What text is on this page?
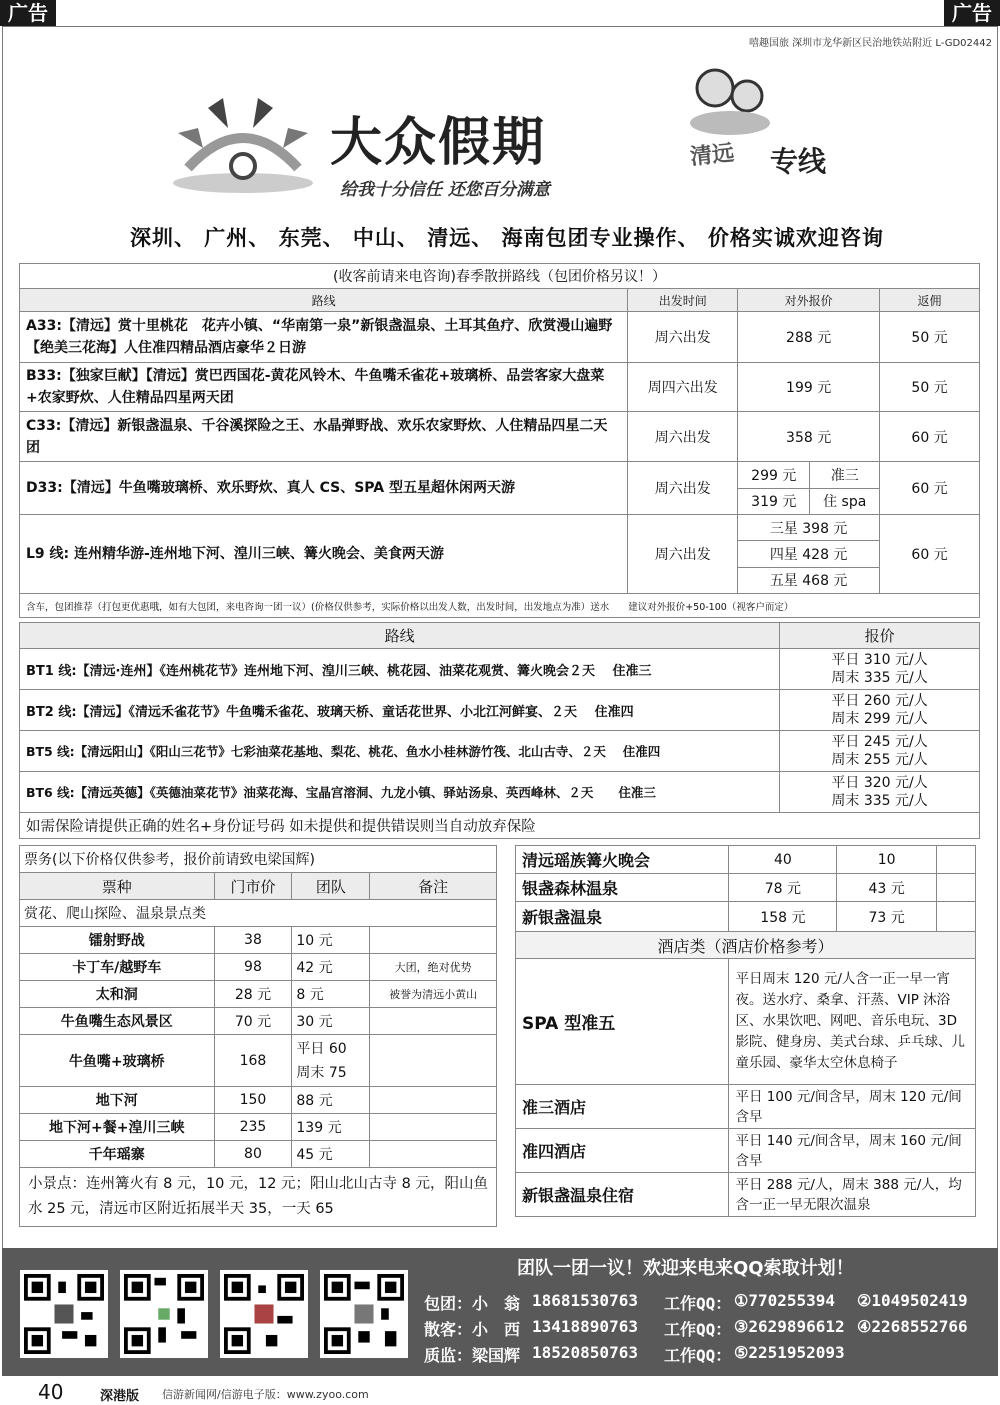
广告	广告
嘻趣国旅 深圳市龙华新区民治地铁站附近 L-GD02442
大众假期	清远 专线
给我十分信任 还您百分满意
深圳、 广州、 东莞、 中山、 清远、 海南包团专业操作、 价格实诚欢迎咨询
(收客前请来电咨询)春季散拼路线（包团价格另议！）
路线	出发时间	对外报价	返佣
A33:【清远】赏十里桃花　花卉小镇、“华南第一泉”新银盏温泉、土耳其鱼疗、欣赏漫山遍野【绝美三花海】人住准四精品酒店豪华２日游	周六出发	288 元	50 元
B33:【独家巨献】【清远】赏巴西国花-黄花风铃木、牛鱼嘴禾雀花+玻璃桥、品尝客家大盘菜+农家野炊、人住精品四星两天团	周四六出发	199 元	50 元
C33:【清远】新银盏温泉、千谷溪探险之王、水晶弹野战、欢乐农家野炊、人住精品四星二天团	周六出发	358 元	60 元
D33:【清远】牛鱼嘴玻璃桥、欢乐野炊、真人 CS、SPA 型五星超休闲两天游	周六出发	
299 元	准三
319 元	住 spa
	60 元
L9 线: 连州精华游-连州地下河、湟川三峡、篝火晚会、美食两天游	周六出发	
三星 398 元
四星 428 元
五星 468 元
	60 元
含车，包团推荐（打包更优惠哦，如有大包团，来电咨询一团一议）(价格仅供参考，实际价格以出发人数，出发时间，出发地点为准）送水　　建议对外报价+50-100（视客户而定）
路线	报价
BT1 线:【清远·连州】《连州桃花节》连州地下河、湟川三峡、桃花园、油菜花观赏、篝火晚会２天　 住准三	平日 310 元/人
周末 335 元/人

BT2 线:【清远】《清远禾雀花节》牛鱼嘴禾雀花、玻璃天桥、童话花世界、小北江河鲜宴、２天　 住准四	平日 260 元/人
周末 299 元/人

BT5 线:【清远阳山】《阳山三花节》七彩油菜花基地、梨花、桃花、鱼水小桂林游竹筏、北山古寺、２天　 住准四	平日 245 元/人
周末 255 元/人

BT6 线:【清远英德】《英德油菜花节》油菜花海、宝晶宫溶洞、九龙小镇、驿站汤泉、英西峰林、２天　　住准三	平日 320 元/人
周末 335 元/人

如需保险请提供正确的姓名+身份证号码 如未提供和提供错误则当自动放弃保险	
票务(以下价格仅供参考，报价前请致电梁国辉)			
票种	门市价	团队	备注
赏花、爬山探险、温泉景点类			
镭射野战	38	10 元	
卡丁车/越野车	98	42 元	大团，绝对优势
太和洞	28 元	8 元	被誉为清远小黄山
牛鱼嘴生态风景区	70 元	30 元	
牛鱼嘴+玻璃桥	168	平日 60
周末 75	

地下河	150	88 元	
地下河+餐+湟川三峡	235	139 元	
千年瑶寨	80	45 元	
小景点：连州篝火有 8 元，10 元，12 元；阳山北山古寺 8 元，阳山鱼水 25 元，清远市区附近拓展半天 35，一天 65			
清远瑶族篝火晚会	40	10	
银盏森林温泉	78 元	43 元	
新银盏温泉	158 元	73 元	
酒店类（酒店价格参考）			
SPA 型准五	平日周末 120 元/人含一正一早一宵夜。送水疗、桑拿、汗蒸、VIP 沐浴区、水果饮吧、网吧、音乐电玩、3D 影院、健身房、美式台球、乒乓球、儿童乐园、豪华太空休息椅子		
准三酒店	平日 100 元/间含早，周末 120 元/间含早		
准四酒店	平日 140 元/间含早，周末 160 元/间含早		
新银盏温泉住宿	平日 288 元/人，周末 388 元/人，均含一正一早无限次温泉		
团队一团一议！欢迎来电来QQ索取计划！
包团：小　翁 18681530763 工作QQ： ①770255394 ②1049502419
散客：小　西 13418890763 工作QQ： ③2629896612 ④2268552766
质监：梁国辉 18520850763 工作QQ： ⑤2251952093
40	深港版 信游新闻网/信游电子版：www.zyoo.com
